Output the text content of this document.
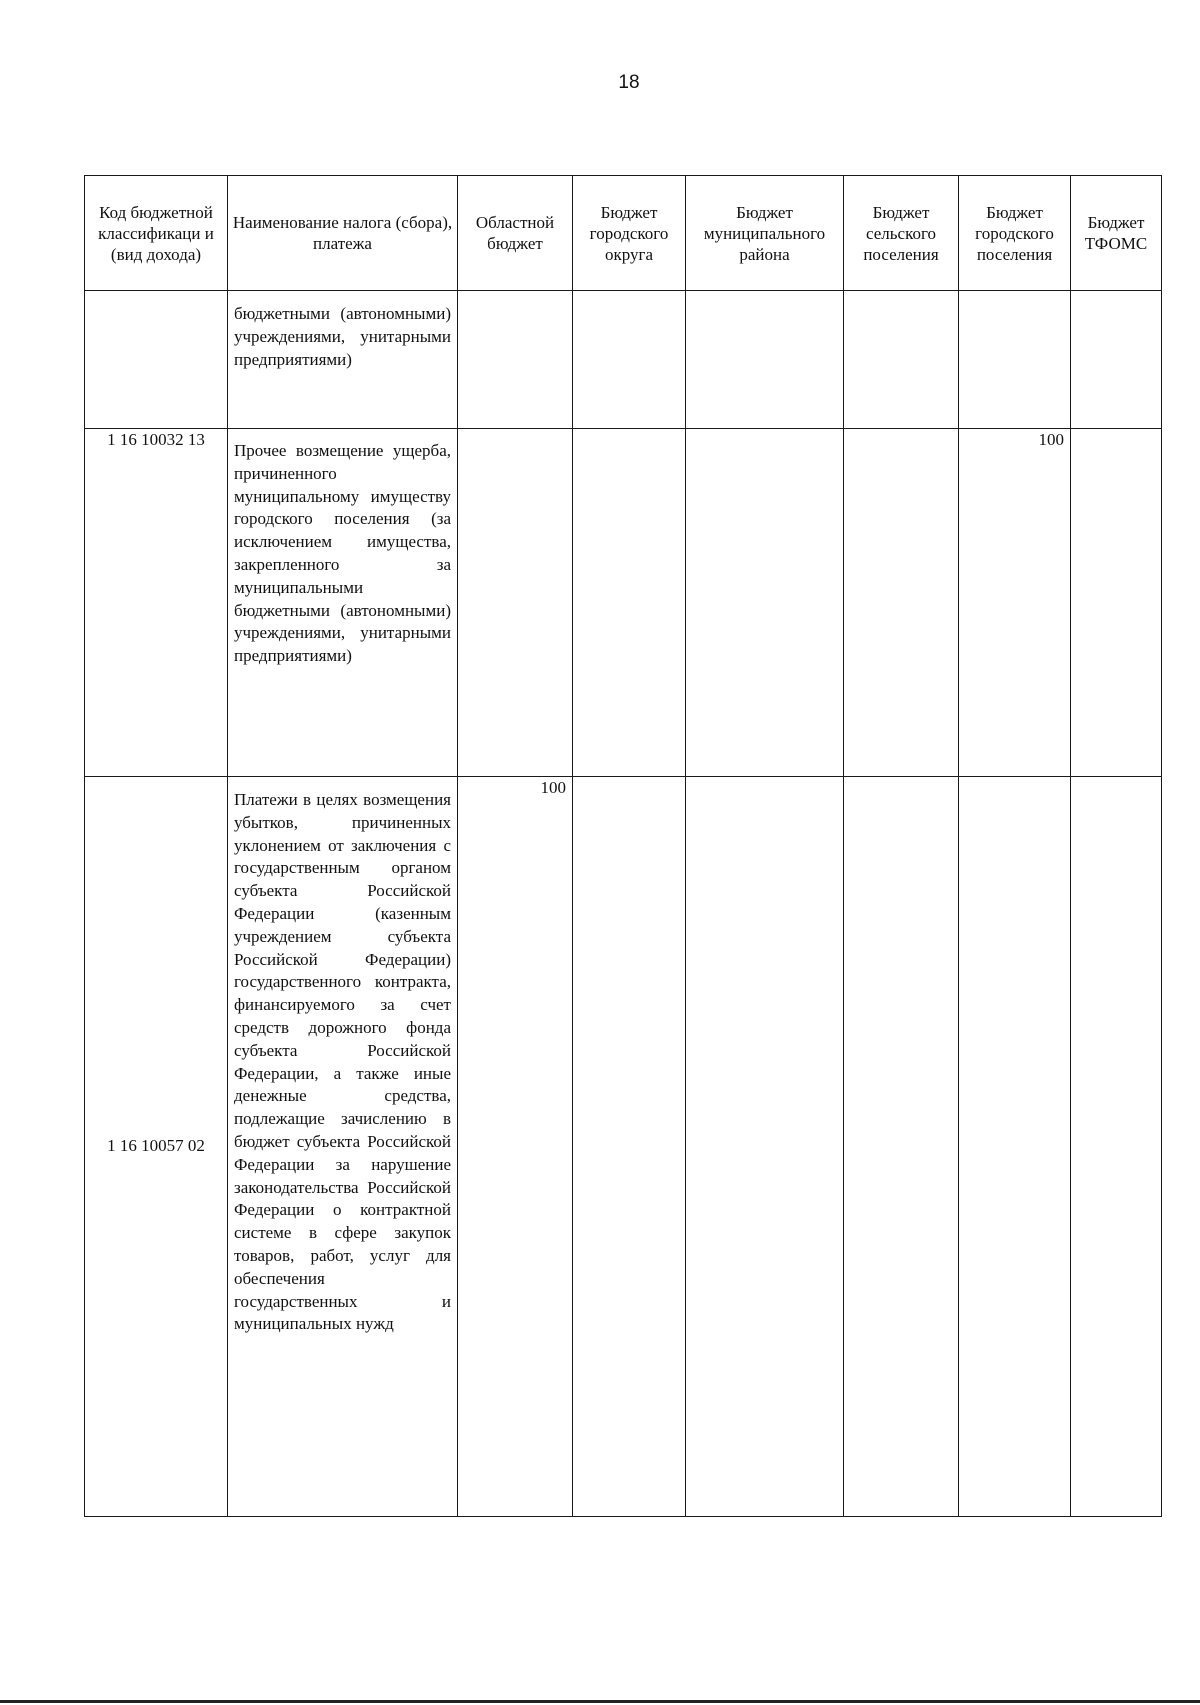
18
Код бюджетной классификаци и (вид дохода)	Наименование налога (сбора), платежа	Областной бюджет	Бюджет городского округа	Бюджет муниципального района	Бюджет сельского поселения	Бюджет городского поселения	Бюджет ТФОМС
	бюджетными (автономными) учреждениями, унитарными предприятиями)						
1 16 10032 13	Прочее возмещение ущерба, причиненного муниципальному имуществу городского поселения (за исключением имущества, закрепленного за муниципальными бюджетными (автономными) учреждениями, унитарными предприятиями)					100	
1 16 10057 02	Платежи в целях возмещения убытков, причиненных уклонением от заключения с государственным органом субъекта Российской Федерации (казенным учреждением субъекта Российской Федерации) государственного контракта, финансируемого за счет средств дорожного фонда субъекта Российской Федерации, а также иные денежные средства, подлежащие зачислению в бюджет субъекта Российской Федерации за нарушение законодательства Российской Федерации о контрактной системе в сфере закупок товаров, работ, услуг для обеспечения государственных и муниципальных нужд	100					
